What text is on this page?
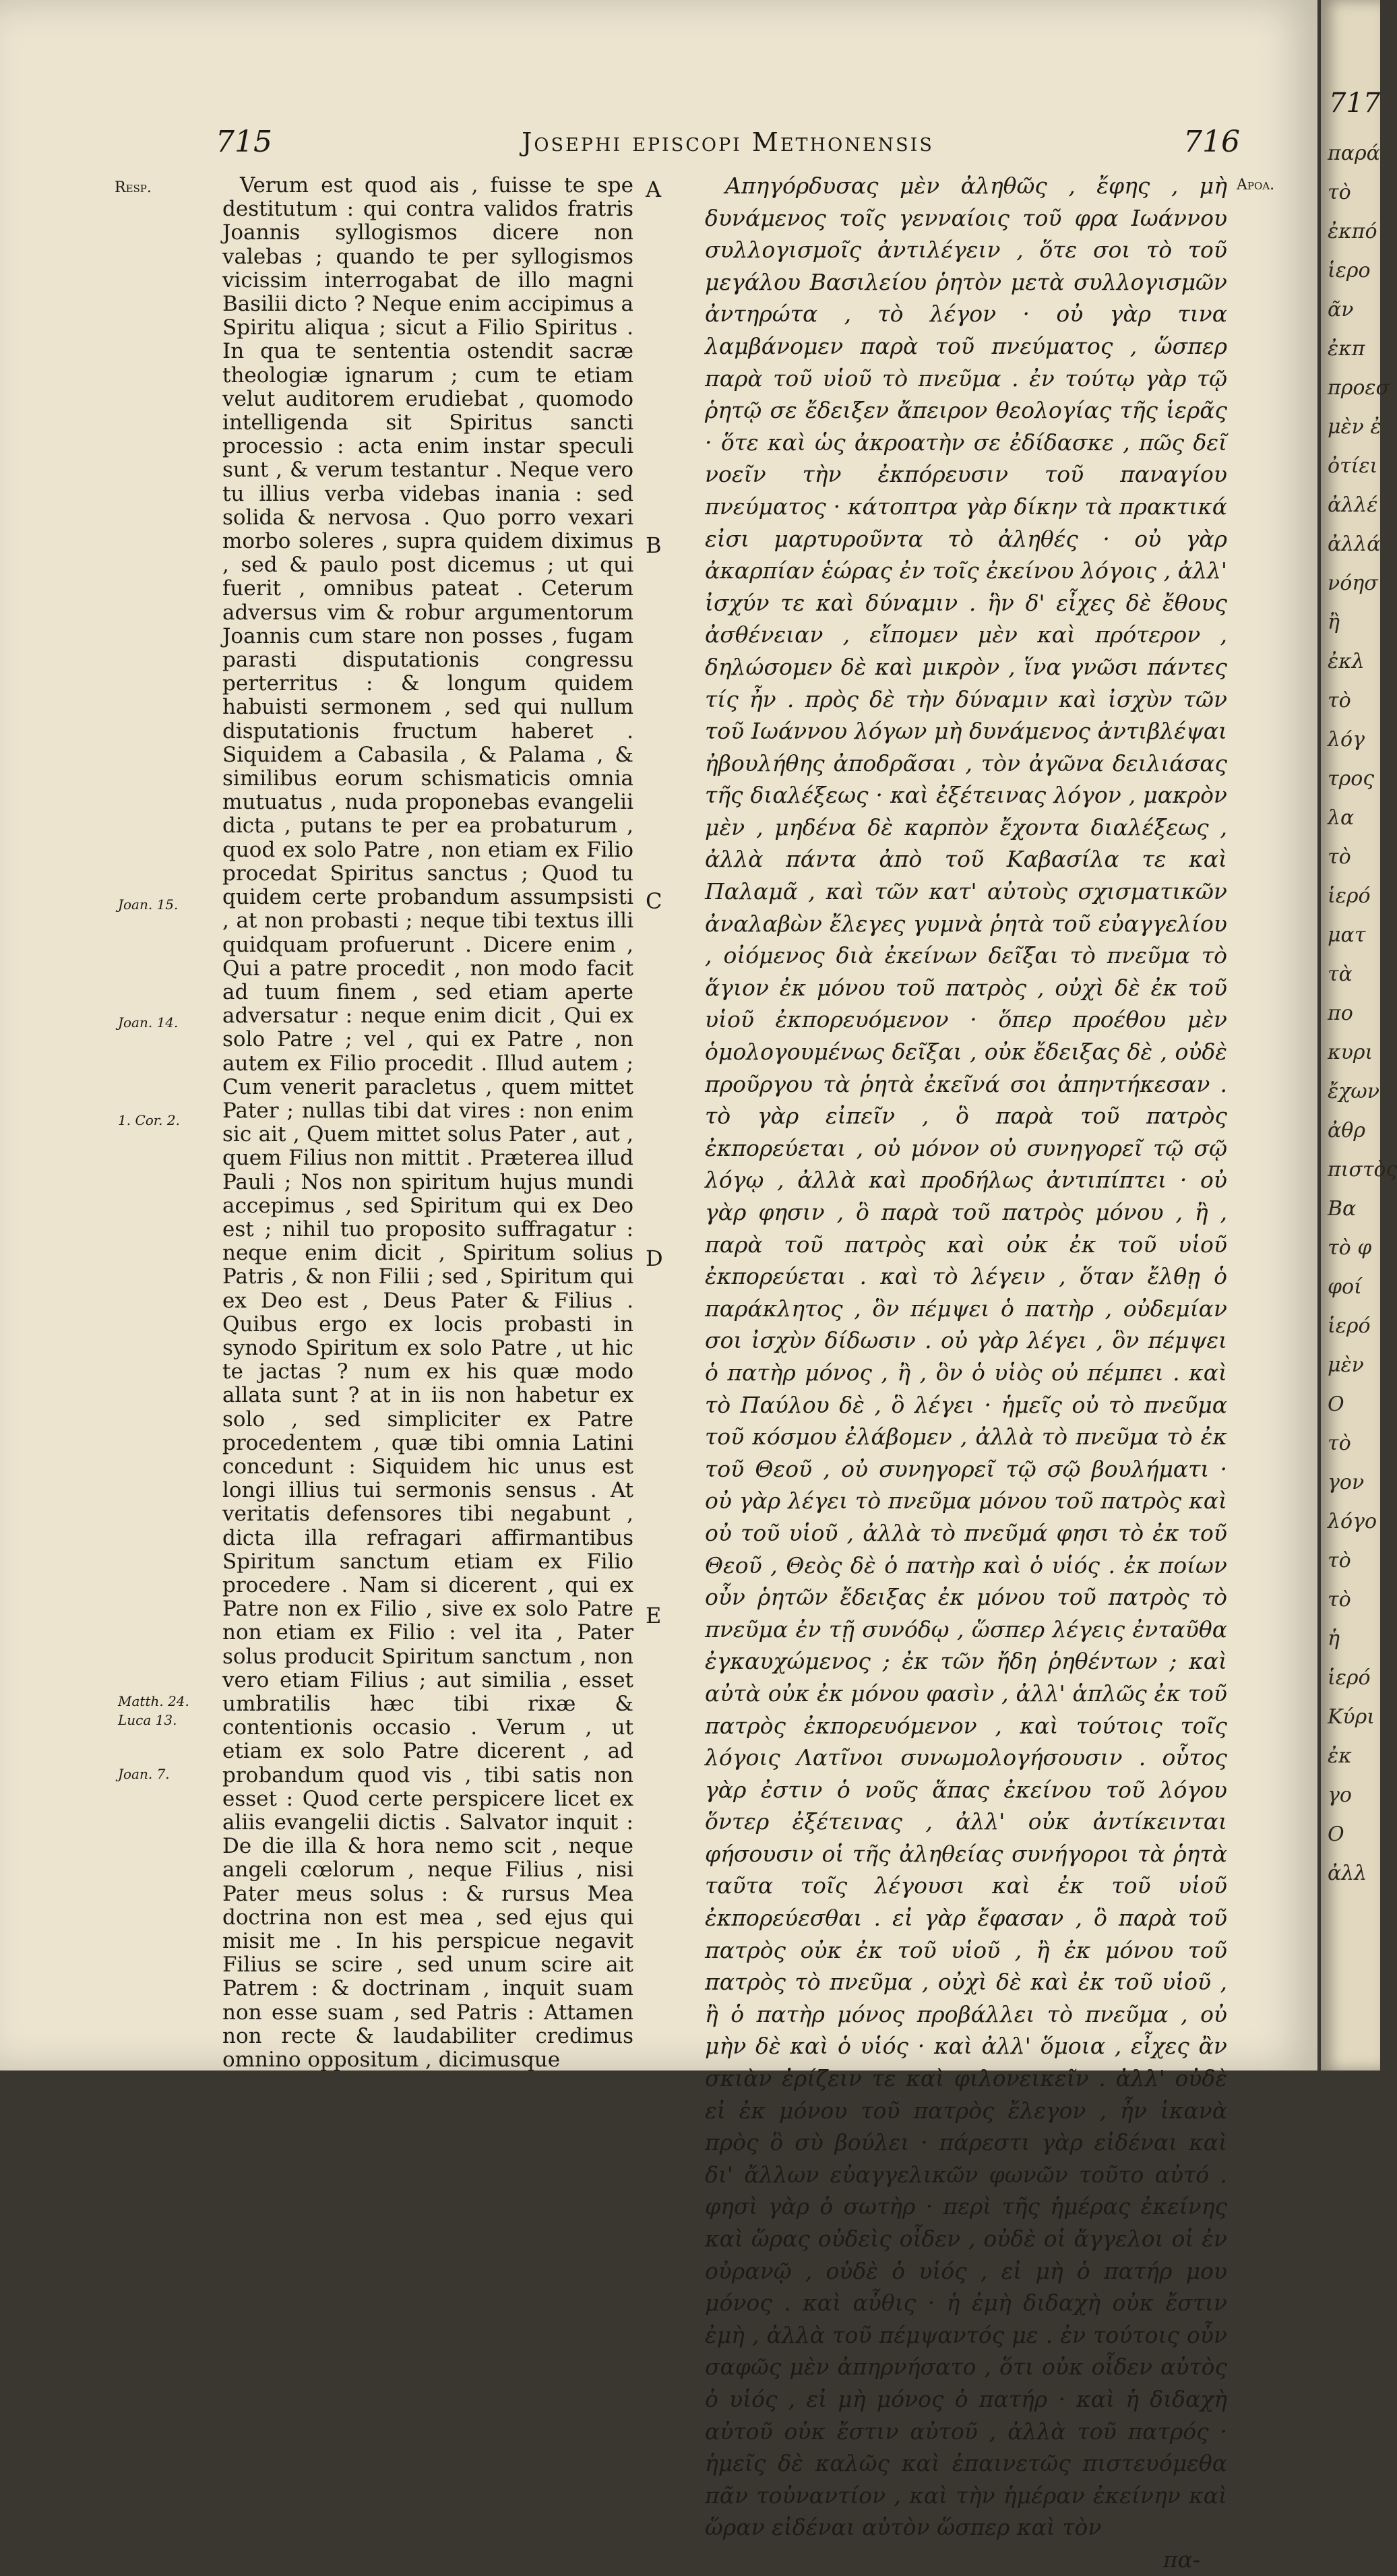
715	Josephi episcopi Methonensis	716
Resp.
Joan. 15.
Joan. 14.
1. Cor. 2.
Matth. 24.
Luca 13.
Joan. 7.
Apoa.
A
B
C
D
E

Verum est quod ais , fuisse te spe destitutum : qui contra validos fratris Joannis syllogismos dicere non valebas ; quando te per syllogismos vicissim interrogabat de illo magni Basilii dicto ? Neque enim accipimus a Spiritu aliqua ; sicut a Filio Spiritus . In qua te sententia ostendit sacræ theologiæ ignarum ; cum te etiam velut auditorem erudiebat , quomodo intelligenda sit Spiritus sancti processio : acta enim instar speculi sunt , & verum testantur . Neque vero tu illius verba videbas inania : sed solida & nervosa . Quo porro vexari morbo soleres , supra quidem diximus , sed & paulo post dicemus ; ut qui fuerit , omnibus pateat . Ceterum adversus vim & robur argumentorum Joannis cum stare non posses , fugam parasti disputationis congressu perterritus : & longum quidem habuisti sermonem , sed qui nullum disputationis fructum haberet . Siquidem a Cabasila , & Palama , & similibus eorum schismaticis omnia mutuatus , nuda proponebas evangelii dicta , putans te per ea probaturum , quod ex solo Patre , non etiam ex Filio procedat Spiritus sanctus ; Quod tu quidem certe probandum assumpsisti , at non probasti ; neque tibi textus illi quidquam profuerunt . Dicere enim , Qui a patre procedit , non modo facit ad tuum finem , sed etiam aperte adversatur : neque enim dicit , Qui ex solo Patre ; vel , qui ex Patre , non autem ex Filio procedit . Illud autem ; Cum venerit paracletus , quem mittet Pater ; nullas tibi dat vires : non enim sic ait , Quem mittet solus Pater , aut , quem Filius non mittit . Præterea illud Pauli ; Nos non spiritum hujus mundi accepimus , sed Spiritum qui ex Deo est ; nihil tuo proposito suffragatur : neque enim dicit , Spiritum solius Patris , & non Filii ; sed , Spiritum qui ex Deo est , Deus Pater & Filius . Quibus ergo ex locis probasti in synodo Spiritum ex solo Patre , ut hic te jactas ? num ex his quæ modo allata sunt ? at in iis non habetur ex solo , sed simpliciter ex Patre procedentem , quæ tibi omnia Latini concedunt : Siquidem hic unus est longi illius tui sermonis sensus . At veritatis defensores tibi negabunt , dicta illa refragari affirmantibus Spiritum sanctum etiam ex Filio procedere . Nam si dicerent , qui ex Patre non ex Filio , sive ex solo Patre non etiam ex Filio : vel ita , Pater solus producit Spiritum sanctum , non vero etiam Filius ; aut similia , esset umbratilis hæc tibi rixæ & contentionis occasio . Verum , ut etiam ex solo Patre dicerent , ad probandum quod vis , tibi satis non esset : Quod certe perspicere licet ex aliis evangelii dictis . Salvator inquit : De die illa & hora nemo scit , neque angeli cœlorum , neque Filius , nisi Pater meus solus : & rursus Mea doctrina non est mea , sed ejus qui misit me . In his perspicue negavit Filius se scire , sed unum scire ait Patrem : & doctrinam , inquit suam non esse suam , sed Patris : Attamen non recte & laudabiliter credimus omnino oppositum , dicimusque

Απηγόρδυσας μὲν ἀληθῶς , ἔφης , μὴ δυνάμενος τοῖς γενναίοις τοῦ φρα Ιωάννου συλλογισμοῖς ἀντιλέγειν , ὅτε σοι τὸ τοῦ μεγάλου Βασιλείου ῥητὸν μετὰ συλλογισμῶν ἀντηρώτα , τὸ λέγον · οὐ γὰρ τινα λαμβάνομεν παρὰ τοῦ πνεύματος , ὥσπερ παρὰ τοῦ υἱοῦ τὸ πνεῦμα . ἐν τούτῳ γὰρ τῷ ῥητῷ σε ἔδειξεν ἄπειρον θεολογίας τῆς ἱερᾶς · ὅτε καὶ ὡς ἀκροατὴν σε ἐδίδασκε , πῶς δεῖ νοεῖν τὴν ἐκπόρευσιν τοῦ παναγίου πνεύματος · κάτοπτρα γὰρ δίκην τὰ πρακτικά εἰσι μαρτυροῦντα τὸ ἀληθές · οὐ γὰρ ἀκαρπίαν ἑώρας ἐν τοῖς ἐκείνου λόγοις , ἀλλ' ἰσχύν τε καὶ δύναμιν . ἣν δ' εἶχες δὲ ἔθους ἀσθένειαν , εἴπομεν μὲν καὶ πρότερον , δηλώσομεν δὲ καὶ μικρὸν , ἵνα γνῶσι πάντες τίς ἦν . πρὸς δὲ τὴν δύναμιν καὶ ἰσχὺν τῶν τοῦ Ιωάννου λόγων μὴ δυνάμενος ἀντιβλέψαι ἠβουλήθης ἀποδρᾶσαι , τὸν ἀγῶνα δειλιάσας τῆς διαλέξεως · καὶ ἐξέτεινας λόγον , μακρὸν μὲν , μηδένα δὲ καρπὸν ἔχοντα διαλέξεως , ἀλλὰ πάντα ἀπὸ τοῦ Καβασίλα τε καὶ Παλαμᾶ , καὶ τῶν κατ' αὐτοὺς σχισματικῶν ἀναλαβὼν ἔλεγες γυμνὰ ῥητὰ τοῦ εὐαγγελίου , οἰόμενος διὰ ἐκείνων δεῖξαι τὸ πνεῦμα τὸ ἅγιον ἐκ μόνου τοῦ πατρὸς , οὐχὶ δὲ ἐκ τοῦ υἱοῦ ἐκπορευόμενον · ὅπερ προέθου μὲν ὁμολογουμένως δεῖξαι , οὐκ ἔδειξας δὲ , οὐδὲ προῦργου τὰ ῥητὰ ἐκεῖνά σοι ἀπηντήκεσαν . τὸ γὰρ εἰπεῖν , ὃ παρὰ τοῦ πατρὸς ἐκπορεύεται , οὐ μόνον οὐ συνηγορεῖ τῷ σῷ λόγῳ , ἀλλὰ καὶ προδήλως ἀντιπίπτει · οὐ γὰρ φησιν , ὃ παρὰ τοῦ πατρὸς μόνου , ἢ , παρὰ τοῦ πατρὸς καὶ οὐκ ἐκ τοῦ υἱοῦ ἐκπορεύεται . καὶ τὸ λέγειν , ὅταν ἔλθῃ ὁ παράκλητος , ὃν πέμψει ὁ πατὴρ , οὐδεμίαν σοι ἰσχὺν δίδωσιν . οὐ γὰρ λέγει , ὃν πέμψει ὁ πατὴρ μόνος , ἢ , ὃν ὁ υἱὸς οὐ πέμπει . καὶ τὸ Παύλου δὲ , ὃ λέγει · ἡμεῖς οὐ τὸ πνεῦμα τοῦ κόσμου ἐλάβομεν , ἀλλὰ τὸ πνεῦμα τὸ ἐκ τοῦ Θεοῦ , οὐ συνηγορεῖ τῷ σῷ βουλήματι · οὐ γὰρ λέγει τὸ πνεῦμα μόνου τοῦ πατρὸς καὶ οὐ τοῦ υἱοῦ , ἀλλὰ τὸ πνεῦμά φησι τὸ ἐκ τοῦ Θεοῦ , Θεὸς δὲ ὁ πατὴρ καὶ ὁ υἱός . ἐκ ποίων οὖν ῥητῶν ἔδειξας ἐκ μόνου τοῦ πατρὸς τὸ πνεῦμα ἐν τῇ συνόδῳ , ὥσπερ λέγεις ἐνταῦθα ἐγκαυχώμενος ; ἐκ τῶν ἤδη ῥηθέντων ; καὶ αὐτὰ οὐκ ἐκ μόνου φασὶν , ἀλλ' ἁπλῶς ἐκ τοῦ πατρὸς ἐκπορευόμενον , καὶ τούτοις τοῖς λόγοις Λατῖνοι συνωμολογήσουσιν . οὗτος γὰρ ἐστιν ὁ νοῦς ἅπας ἐκείνου τοῦ λόγου ὅντερ ἐξέτεινας , ἀλλ' οὐκ ἀντίκεινται φήσουσιν οἱ τῆς ἀληθείας συνήγοροι τὰ ῥητὰ ταῦτα τοῖς λέγουσι καὶ ἐκ τοῦ υἱοῦ ἐκπορεύεσθαι . εἰ γὰρ ἔφασαν , ὃ παρὰ τοῦ πατρὸς οὐκ ἐκ τοῦ υἱοῦ , ἢ ἐκ μόνου τοῦ πατρὸς τὸ πνεῦμα , οὐχὶ δὲ καὶ ἐκ τοῦ υἱοῦ , ἢ ὁ πατὴρ μόνος προβάλλει τὸ πνεῦμα , οὐ μὴν δὲ καὶ ὁ υἱός · καὶ ἀλλ' ὅμοια , εἶχες ἂν σκιὰν ἐρίζειν τε καὶ φιλονεικεῖν . ἀλλ' οὐδὲ εἰ ἐκ μόνου τοῦ πατρὸς ἔλεγον , ἦν ἱκανὰ πρὸς ὃ σὺ βούλει · πάρεστι γὰρ εἰδέναι καὶ δι' ἄλλων εὐαγγελικῶν φωνῶν τοῦτο αὐτό . φησὶ γὰρ ὁ σωτὴρ · περὶ τῆς ἡμέρας ἐκείνης καὶ ὥρας οὐδεὶς οἶδεν , οὐδὲ οἱ ἄγγελοι οἱ ἐν οὐρανῷ , οὐδὲ ὁ υἱός , εἰ μὴ ὁ πατήρ μου μόνος . καὶ αὖθις · ἡ ἐμὴ διδαχὴ οὐκ ἔστιν ἐμὴ , ἀλλὰ τοῦ πέμψαντός με . ἐν τούτοις οὖν σαφῶς μὲν ἀπηρνήσατο , ὅτι οὐκ οἶδεν αὐτὸς ὁ υἱός , εἰ μὴ μόνος ὁ πατήρ · καὶ ἡ διδαχὴ αὐτοῦ οὐκ ἔστιν αὐτοῦ , ἀλλὰ τοῦ πατρός · ἡμεῖς δὲ καλῶς καὶ ἐπαινετῶς πιστευόμεθα πᾶν τοὐναντίον , καὶ τὴν ἡμέραν ἐκείνην καὶ ὥραν εἰδέναι αὐτὸν ὥσπερ καὶ τὸν

πα-

717
παρά
τὸ
ἐκπό
ἱερο
ᾶν
ἐκπ
προεσ
μὲν ἐ
ὀτίει
ἀλλέ
ἀλλά
νόησ
ἢ
ἐκλ
τὸ
λόγ
τρος
λα
τὸ
ἱερό
ματ
τὰ
πο
κυρι
ἔχων
ἀθρ
πιστὸς
Βα
τὸ φ
φοί
ἱερό
μὲν
Ο
τὸ
γον
λόγο
τὸ
τὸ
ἡ
ἱερό
Κύρι
ἐκ
γο
Ο
ἀλλ
